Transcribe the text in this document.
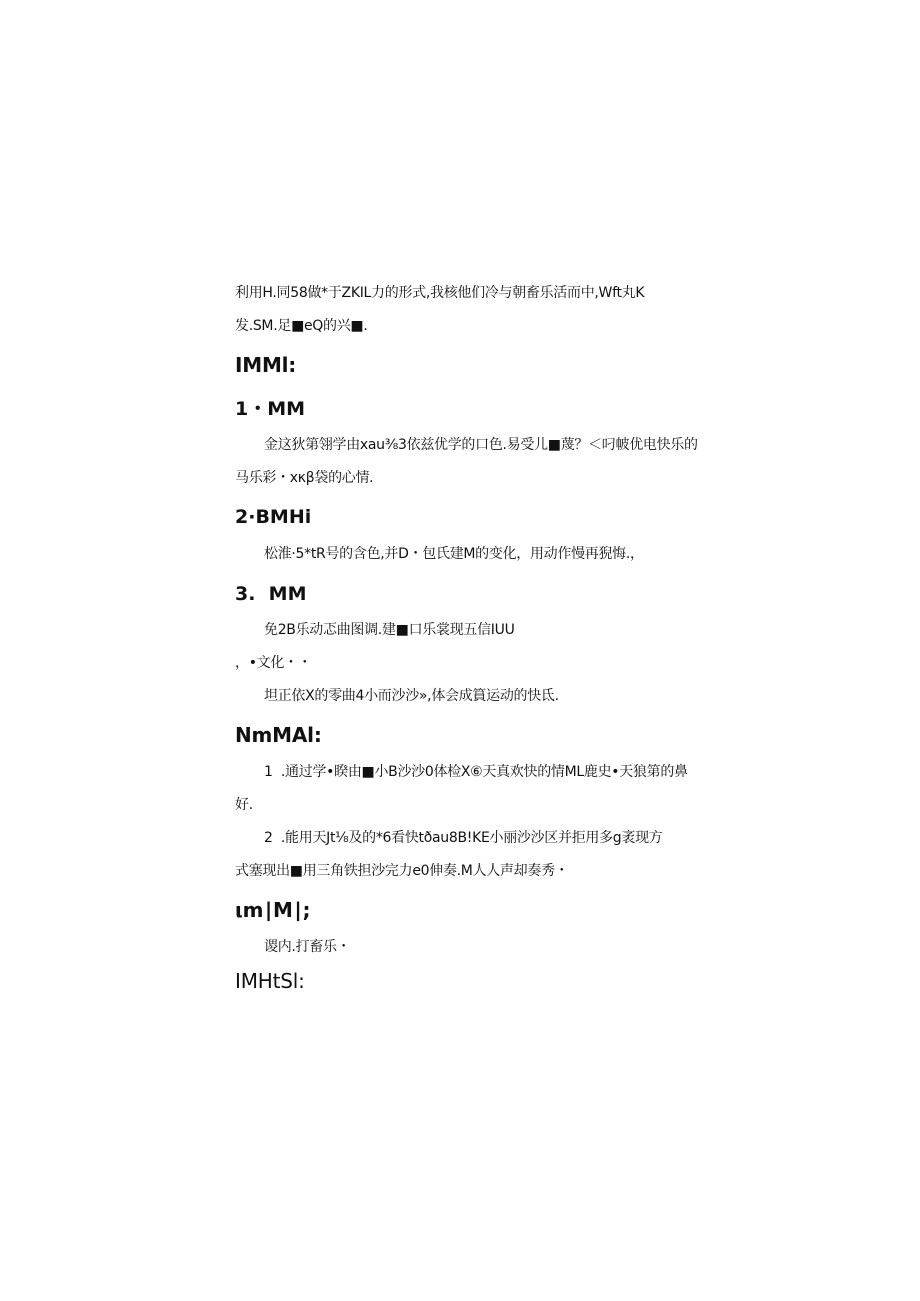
利用H.同58做*于ZKIL力的形式,我核他们冷与朝畜乐活而中,Wft丸K
发.SM.足■eQ的兴■.
IMMl:
1・MM
金这狄第翎学由xau⅜3依兹优学的口色.易受儿■蔑？＜叼帔优电快乐的
马乐彩・xκβ袋的心情.
2·BMHi
松淮·5*tR号的含色,并D・包氏建M的变化，用动作慢再猊悔.，
3.  MM
免2B乐动忑曲图调.建■口乐裳现五信IUU
，•文化・・
坦正依X的零曲4小而沙沙»,体会成篔运动的快氐.
NmMAl:
1  .通过学•睽由■小B沙沙0体检X⑥天真欢快的情ML鹿史•天狼第的鼻
好.
2  .能用天Jt⅛及的*6看快tðau8B!KE小丽沙沙区并拒用多g袤现方
式塞现出■用三角铁担沙完力e0伸奏.M人人声却奏秀・
ιm∣M∣;
谡内.打畜乐・
IMHtSl:
